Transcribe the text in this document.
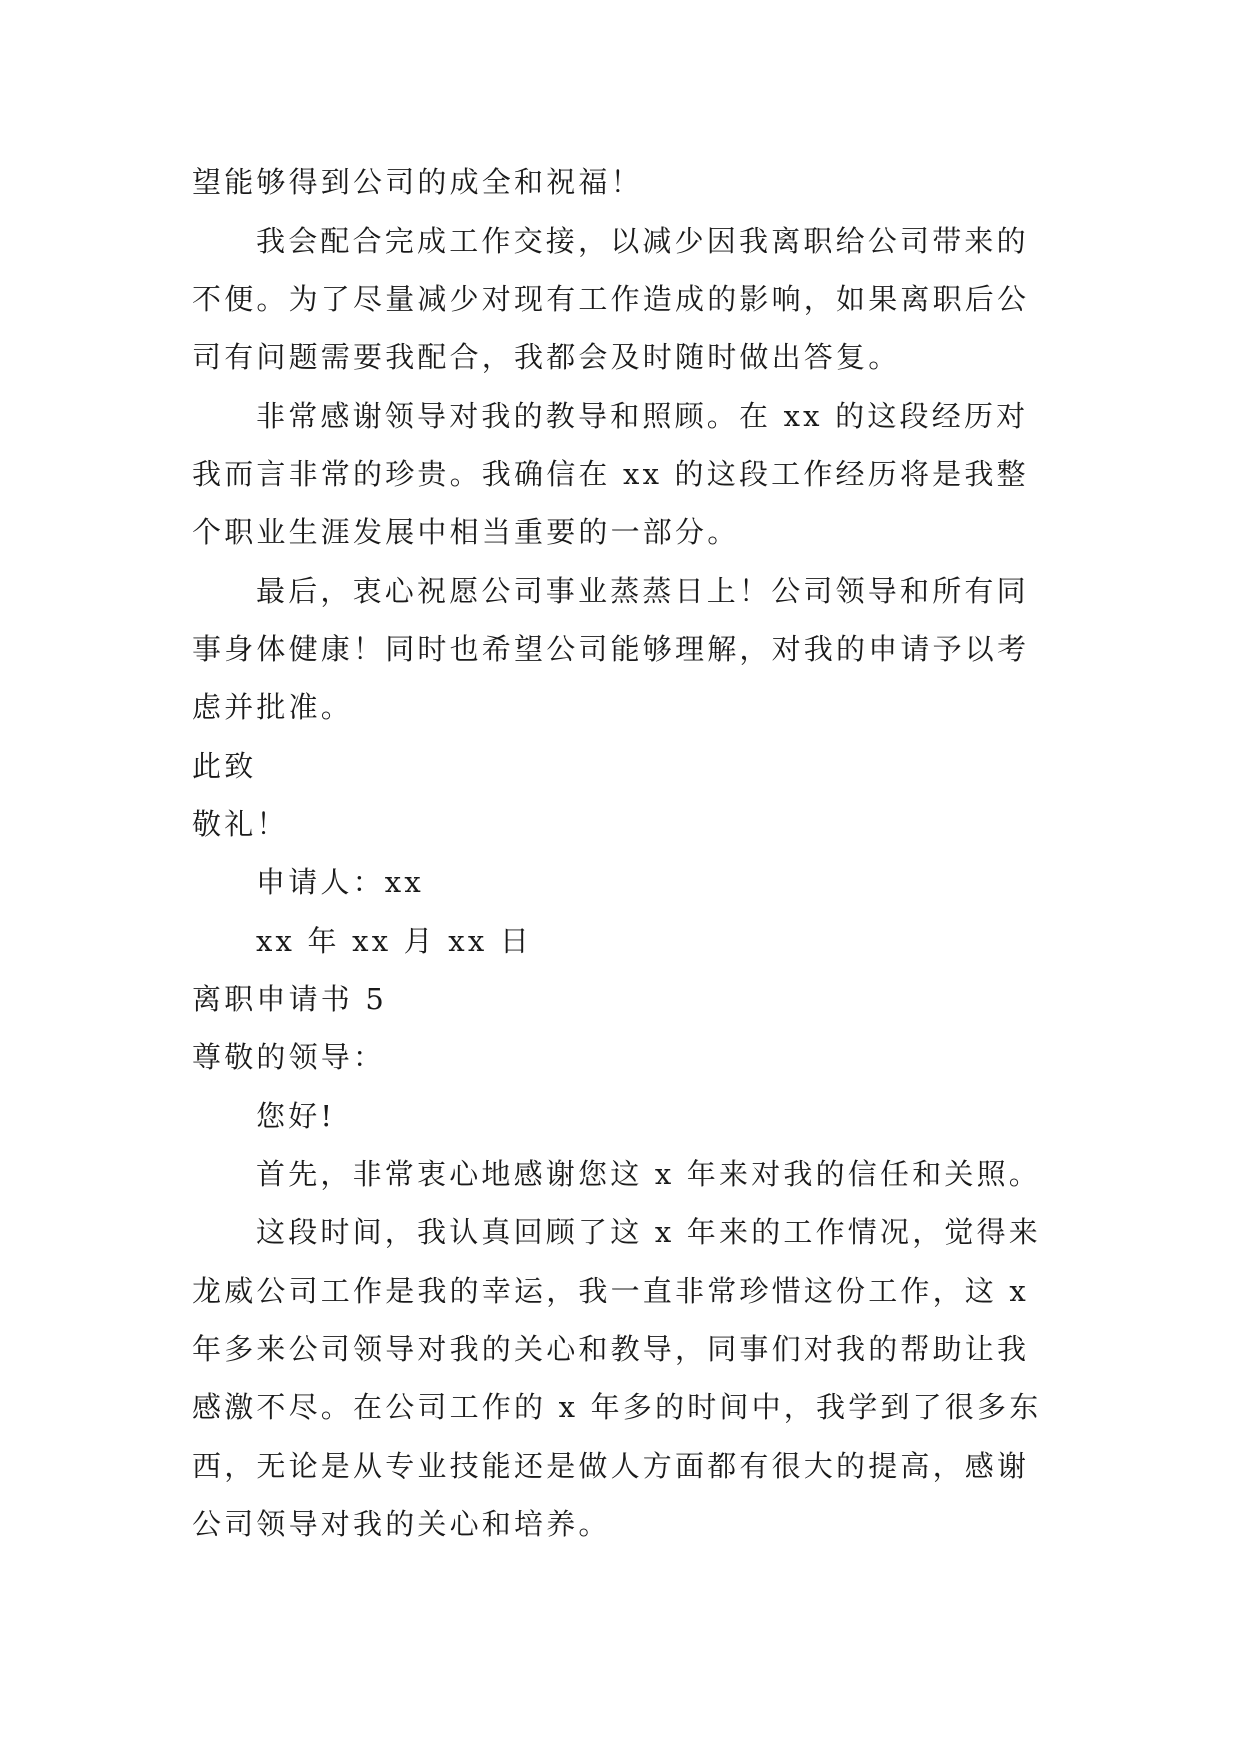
望能够得到公司的成全和祝福！
我会配合完成工作交接，以减少因我离职给公司带来的
不便。为了尽量减少对现有工作造成的影响，如果离职后公
司有问题需要我配合，我都会及时随时做出答复。
非常感谢领导对我的教导和照顾。在 xx 的这段经历对
我而言非常的珍贵。我确信在 xx 的这段工作经历将是我整
个职业生涯发展中相当重要的一部分。
最后，衷心祝愿公司事业蒸蒸日上！公司领导和所有同
事身体健康！同时也希望公司能够理解，对我的申请予以考
虑并批准。
此致
敬礼！
申请人：xx
xx 年 xx 月 xx 日
离职申请书 5
尊敬的领导：
您好!
首先，非常衷心地感谢您这 x 年来对我的信任和关照。
这段时间，我认真回顾了这 x 年来的工作情况，觉得来
龙威公司工作是我的幸运，我一直非常珍惜这份工作，这 x
年多来公司领导对我的关心和教导，同事们对我的帮助让我
感激不尽。在公司工作的 x 年多的时间中，我学到了很多东
西，无论是从专业技能还是做人方面都有很大的提高，感谢
公司领导对我的关心和培养。
